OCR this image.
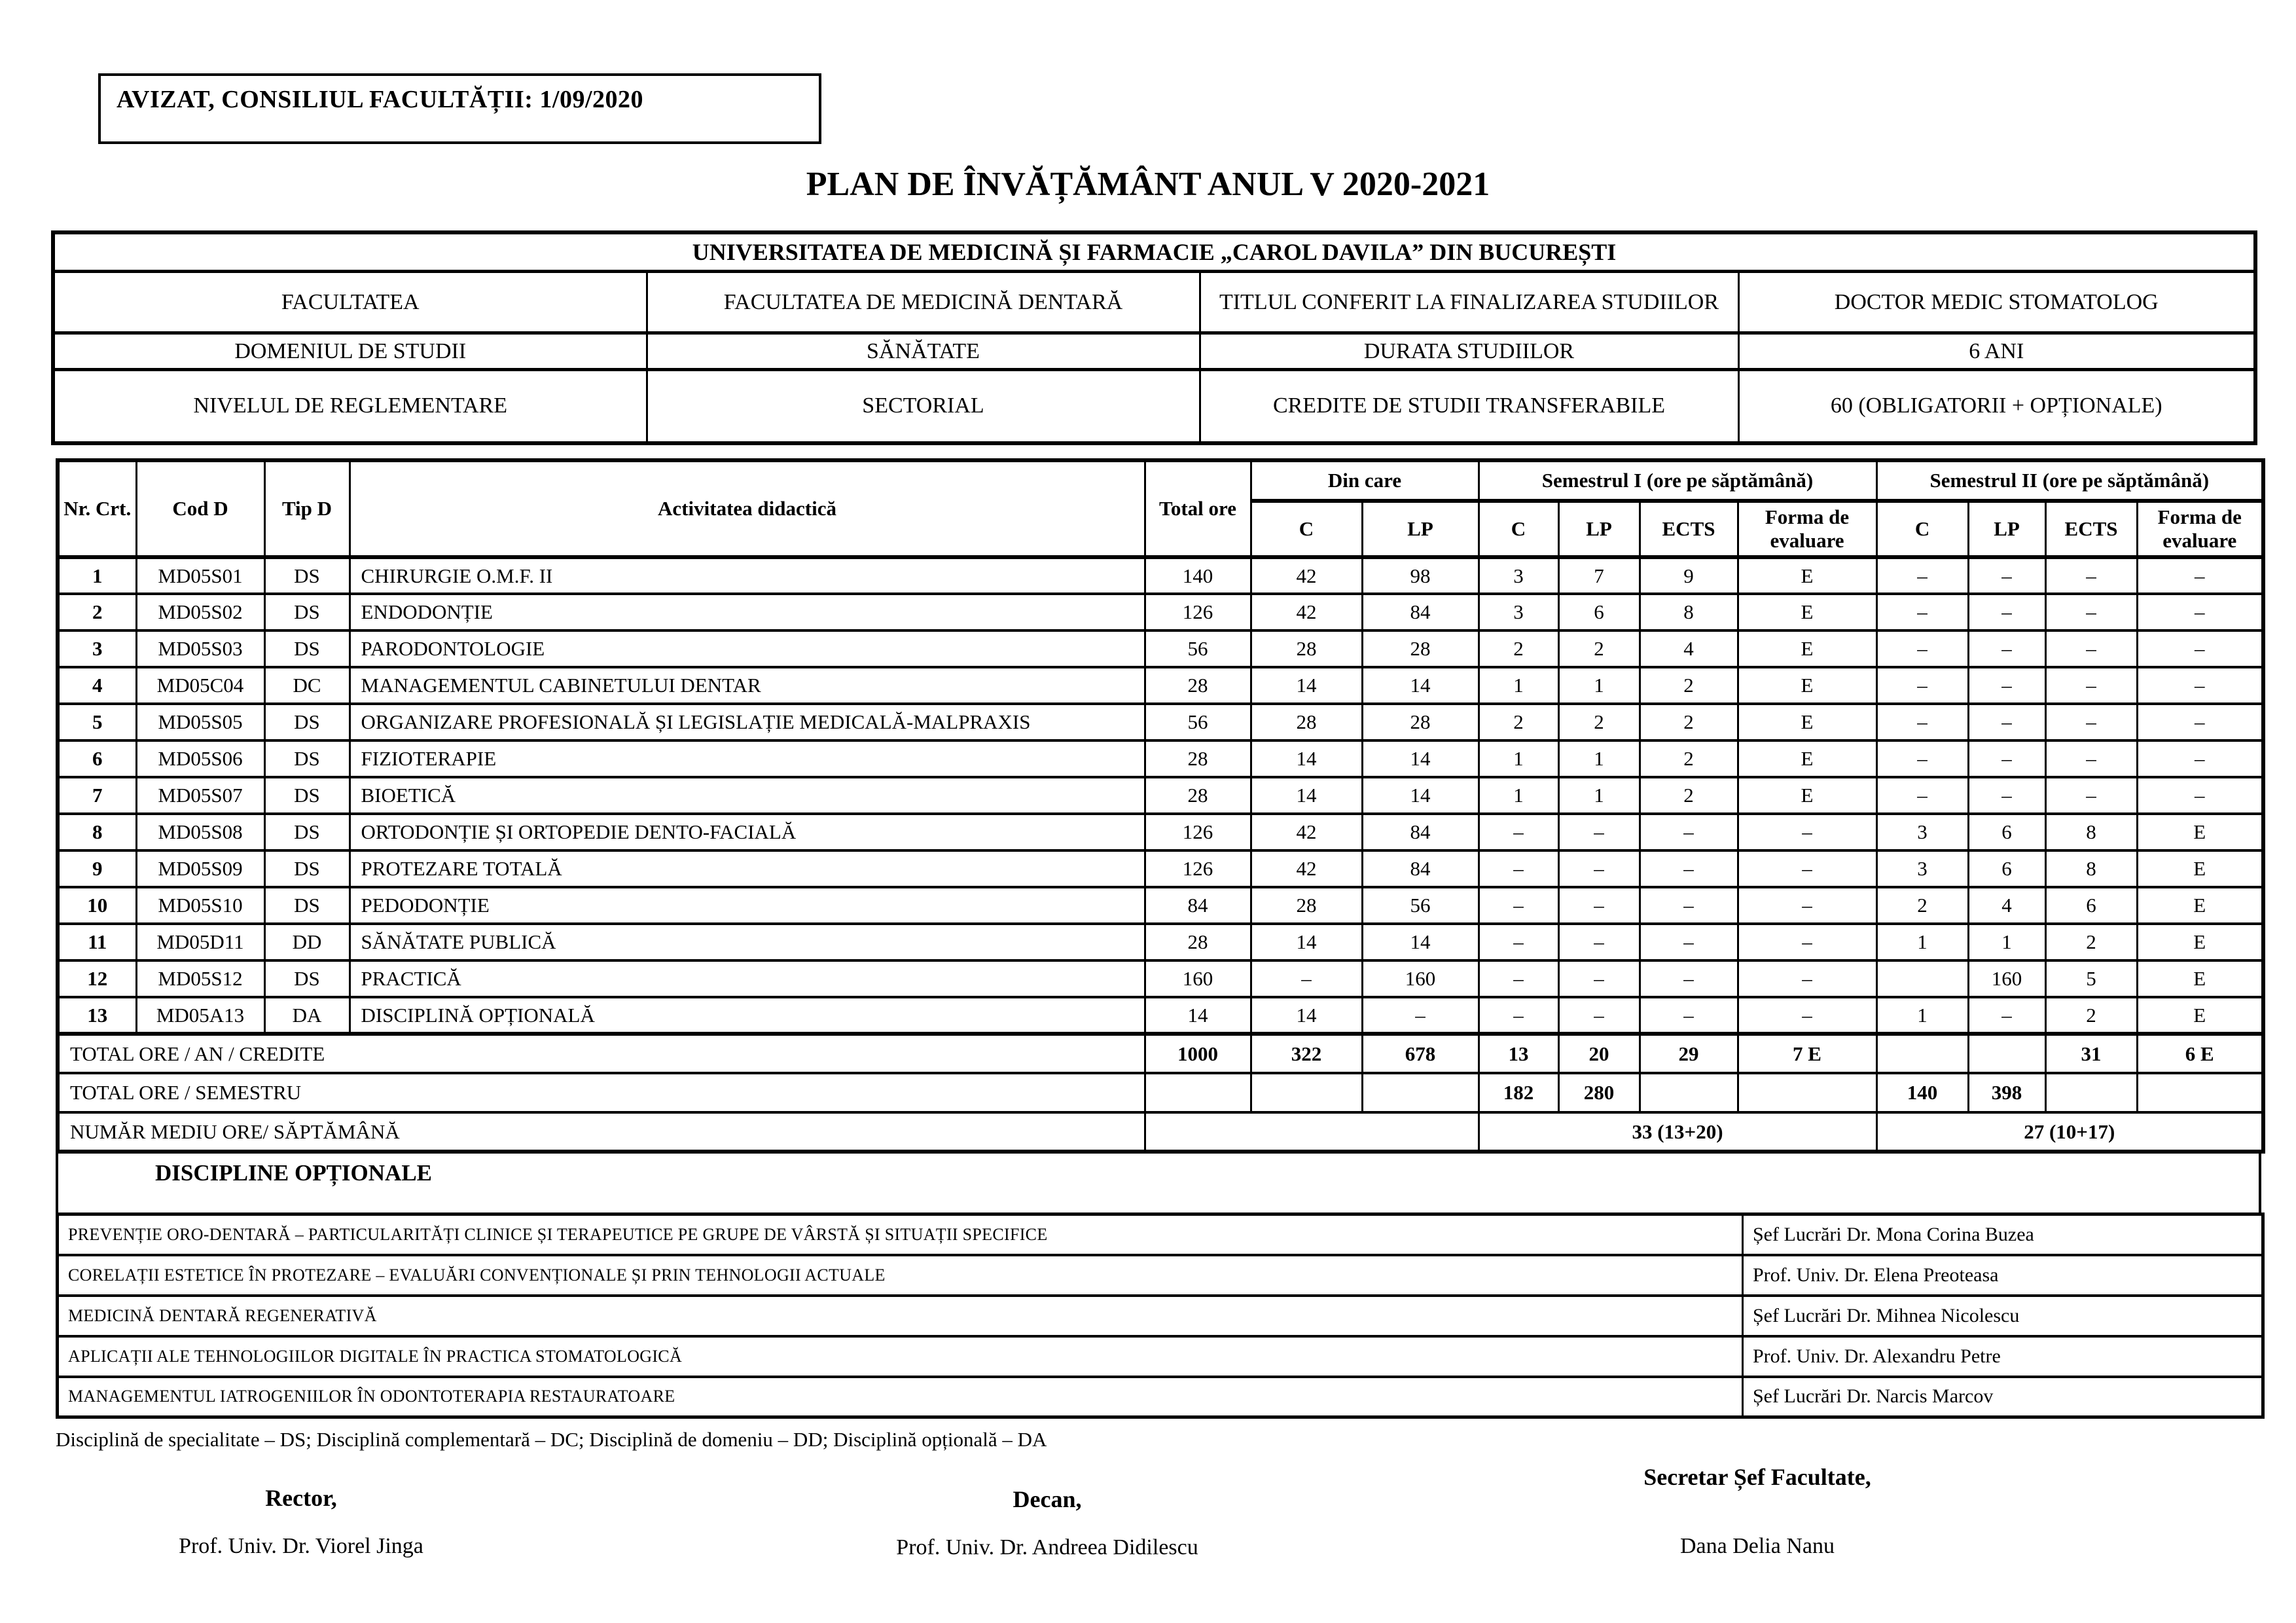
AVIZAT, CONSILIUL FACULTĂȚII: 1/09/2020
PLAN DE ÎNVĂȚĂMÂNT ANUL V 2020-2021
UNIVERSITATEA DE MEDICINĂ ȘI FARMACIE „CAROL DAVILA” DIN BUCUREȘTI			
FACULTATEA	FACULTATEA DE MEDICINĂ DENTARĂ	TITLUL CONFERIT LA FINALIZAREA STUDIILOR	DOCTOR MEDIC STOMATOLOG
DOMENIUL DE STUDII	SĂNĂTATE	DURATA STUDIILOR	6 ANI
NIVELUL DE REGLEMENTARE	SECTORIAL	CREDITE DE STUDII TRANSFERABILE	60 (OBLIGATORII + OPȚIONALE)
Nr. Crt.	Cod D	Tip D	Activitatea didactică	Total ore	Din care		Semestrul I (ore pe săptămână)				Semestrul II (ore pe săptămână)			
					C	LP	C	LP	ECTS	Forma de evaluare	C	LP	ECTS	Forma de evaluare
1	MD05S01	DS	CHIRURGIE O.M.F. II	140	42	98	3	7	9	E	–	–	–	–
2	MD05S02	DS	ENDODONȚIE	126	42	84	3	6	8	E	–	–	–	–
3	MD05S03	DS	PARODONTOLOGIE	56	28	28	2	2	4	E	–	–	–	–
4	MD05C04	DC	MANAGEMENTUL CABINETULUI DENTAR	28	14	14	1	1	2	E	–	–	–	–
5	MD05S05	DS	ORGANIZARE PROFESIONALĂ ȘI LEGISLAȚIE MEDICALĂ-MALPRAXIS	56	28	28	2	2	2	E	–	–	–	–
6	MD05S06	DS	FIZIOTERAPIE	28	14	14	1	1	2	E	–	–	–	–
7	MD05S07	DS	BIOETICĂ	28	14	14	1	1	2	E	–	–	–	–
8	MD05S08	DS	ORTODONȚIE ȘI ORTOPEDIE DENTO-FACIALĂ	126	42	84	–	–	–	–	3	6	8	E
9	MD05S09	DS	PROTEZARE TOTALĂ	126	42	84	–	–	–	–	3	6	8	E
10	MD05S10	DS	PEDODONȚIE	84	28	56	–	–	–	–	2	4	6	E
11	MD05D11	DD	SĂNĂTATE PUBLICĂ	28	14	14	–	–	–	–	1	1	2	E
12	MD05S12	DS	PRACTICĂ	160	–	160	–	–	–	–		160	5	E
13	MD05A13	DA	DISCIPLINĂ OPȚIONALĂ	14	14	–	–	–	–	–	1	–	2	E
TOTAL ORE / AN / CREDITE				1000	322	678	13	20	29	7 E			31	6 E
TOTAL ORE / SEMESTRU							182	280			140	398		
NUMĂR MEDIU ORE/ SĂPTĂMÂNĂ							33 (13+20)				27 (10+17)			
DISCIPLINE OPȚIONALE
PREVENȚIE ORO-DENTARĂ – PARTICULARITĂȚI CLINICE ȘI TERAPEUTICE PE GRUPE DE VÂRSTĂ ȘI SITUAȚII SPECIFICE	Șef Lucrări Dr. Mona Corina Buzea
CORELAȚII ESTETICE ÎN PROTEZARE – EVALUĂRI CONVENȚIONALE ȘI PRIN TEHNOLOGII ACTUALE	Prof. Univ. Dr. Elena Preoteasa
MEDICINĂ DENTARĂ REGENERATIVĂ	Șef Lucrări Dr. Mihnea Nicolescu
APLICAȚII ALE TEHNOLOGIILOR DIGITALE ÎN PRACTICA STOMATOLOGICĂ	Prof. Univ. Dr. Alexandru Petre
MANAGEMENTUL IATROGENIILOR ÎN ODONTOTERAPIA RESTAURATOARE	Șef Lucrări Dr. Narcis Marcov
Disciplină de specialitate – DS; Disciplină complementară – DC; Disciplină de domeniu – DD; Disciplină opțională – DA
Rector,
Prof. Univ. Dr. Viorel Jinga
Decan,
Prof. Univ. Dr. Andreea Didilescu
Secretar Șef Facultate,
Dana Delia Nanu
